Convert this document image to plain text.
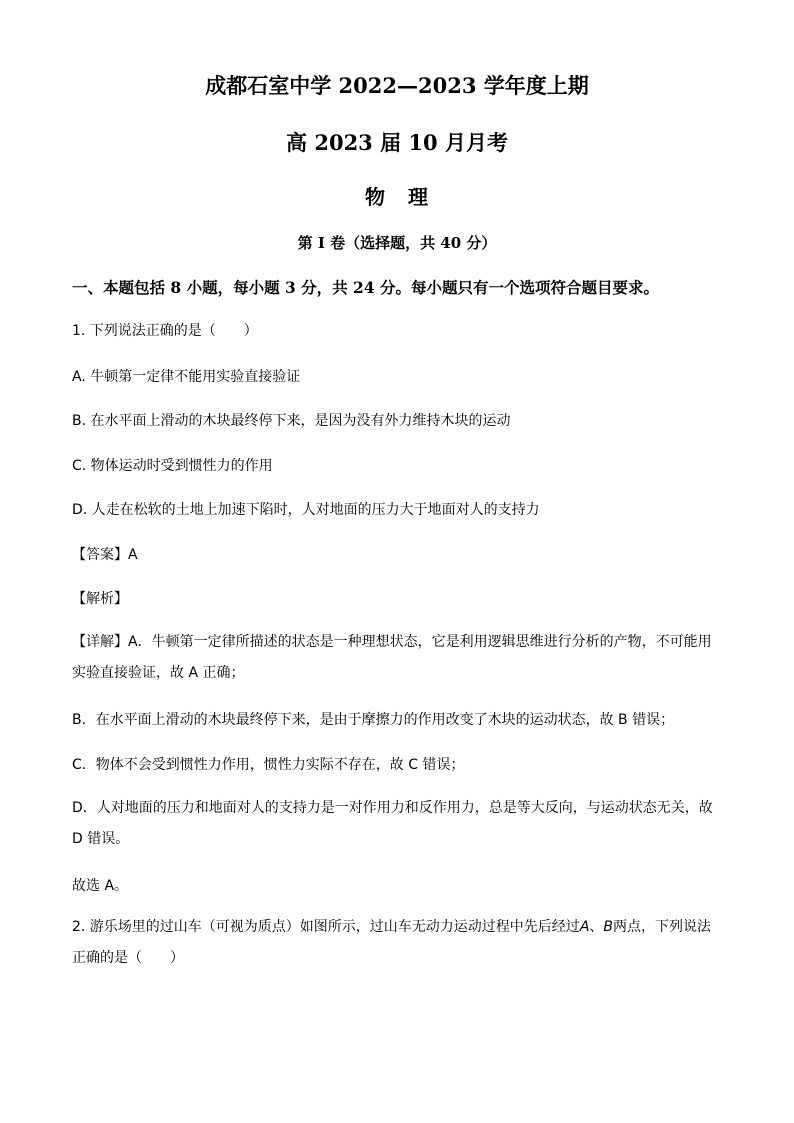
成都石室中学 2022—2023 学年度上期
高 2023 届 10 月月考
物 理
第 I 卷（选择题，共 40 分）
一、本题包括 8 小题，每小题 3 分，共 24 分。每小题只有一个选项符合题目要求。
1. 下列说法正确的是（　　）
A. 牛顿第一定律不能用实验直接验证
B. 在水平面上滑动的木块最终停下来，是因为没有外力维持木块的运动
C. 物体运动时受到惯性力的作用
D. 人走在松软的土地上加速下陷时，人对地面的压力大于地面对人的支持力
【答案】A
【解析】
【详解】A．牛顿第一定律所描述的状态是一种理想状态，它是利用逻辑思维进行分析的产物，不可能用实验直接验证，故 A 正确；
B．在水平面上滑动的木块最终停下来，是由于摩擦力的作用改变了木块的运动状态，故 B 错误；
C．物体不会受到惯性力作用，惯性力实际不存在，故 C 错误；
D．人对地面的压力和地面对人的支持力是一对作用力和反作用力，总是等大反向，与运动状态无关，故 D 错误。
故选 A。
2. 游乐场里的过山车（可视为质点）如图所示，过山车无动力运动过程中先后经过A、B两点，下列说法正确的是（　　）
